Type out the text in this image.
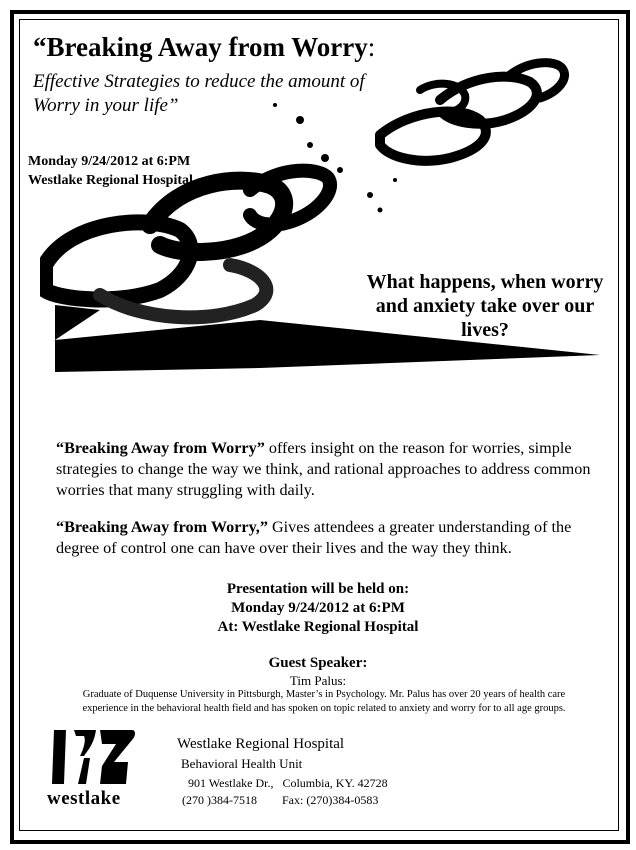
“Breaking Away from Worry:
Effective Strategies to reduce the amount of
Worry in your life”
Monday 9/24/2012 at 6:PM
Westlake Regional Hospital
What happens, when worry and anxiety take over our lives?
“Breaking Away from Worry” offers insight on the reason for worries, simple strategies to change the way we think, and rational approaches to address common worries that many struggling with daily.
“Breaking Away from Worry,” Gives attendees a greater understanding of the degree of control one can have over their lives and the way they think.
Presentation will be held on:
Monday 9/24/2012 at 6:PM
At: Westlake Regional Hospital
Guest Speaker:
Tim Palus:
Graduate of Duquense University in Pittsburgh, Master’s in Psychology. Mr. Palus has over 20 years of health care experience in the behavioral health field and has spoken on topic related to anxiety and worry for to all age groups.
westlake
Westlake Regional Hospital
Behavioral Health Unit
901 Westlake Dr.,   Columbia, KY. 42728
(270 )384-7518 Fax: (270)384-0583
